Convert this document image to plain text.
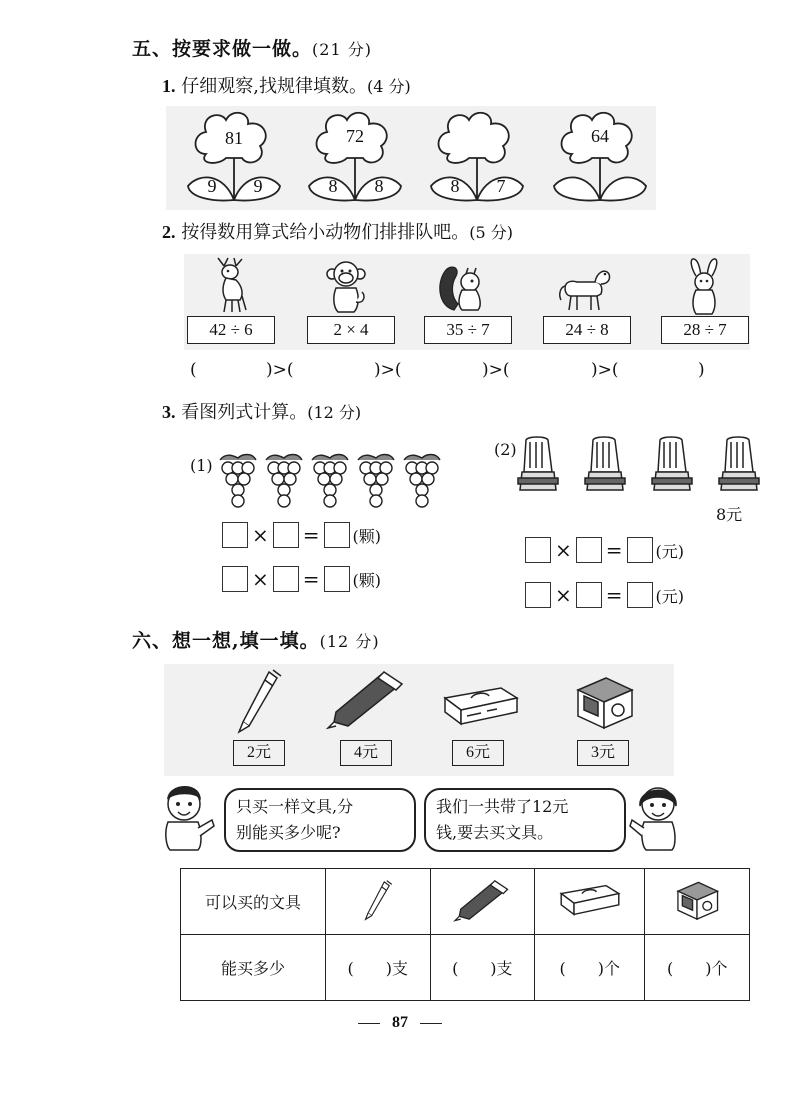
五、按要求做一做。(21 分)
1. 仔细观察,找规律填数。(4 分)
81
9	9
72
8	8	8	7
64
2. 按得数用算式给小动物们排排队吧。(5 分)
42 ÷ 6	2 × 4	35 ÷ 7	24 ÷ 8	28 ÷ 7
(	)>(	)>(	)>(	)>(	)
3. 看图列式计算。(12 分)
(1)
× = (颗)
× = (颗)
(2)
8元
× = (元)
× = (元)
六、想一想,填一填。(12 分)
2元	4元	6元	3元
只买一样文具,分
别能买多少呢?
我们一共带了12元
钱,要去买文具。
可以买的文具				
能买多少	(　　)支	(　　)支	(　　)个	(　　)个
87
